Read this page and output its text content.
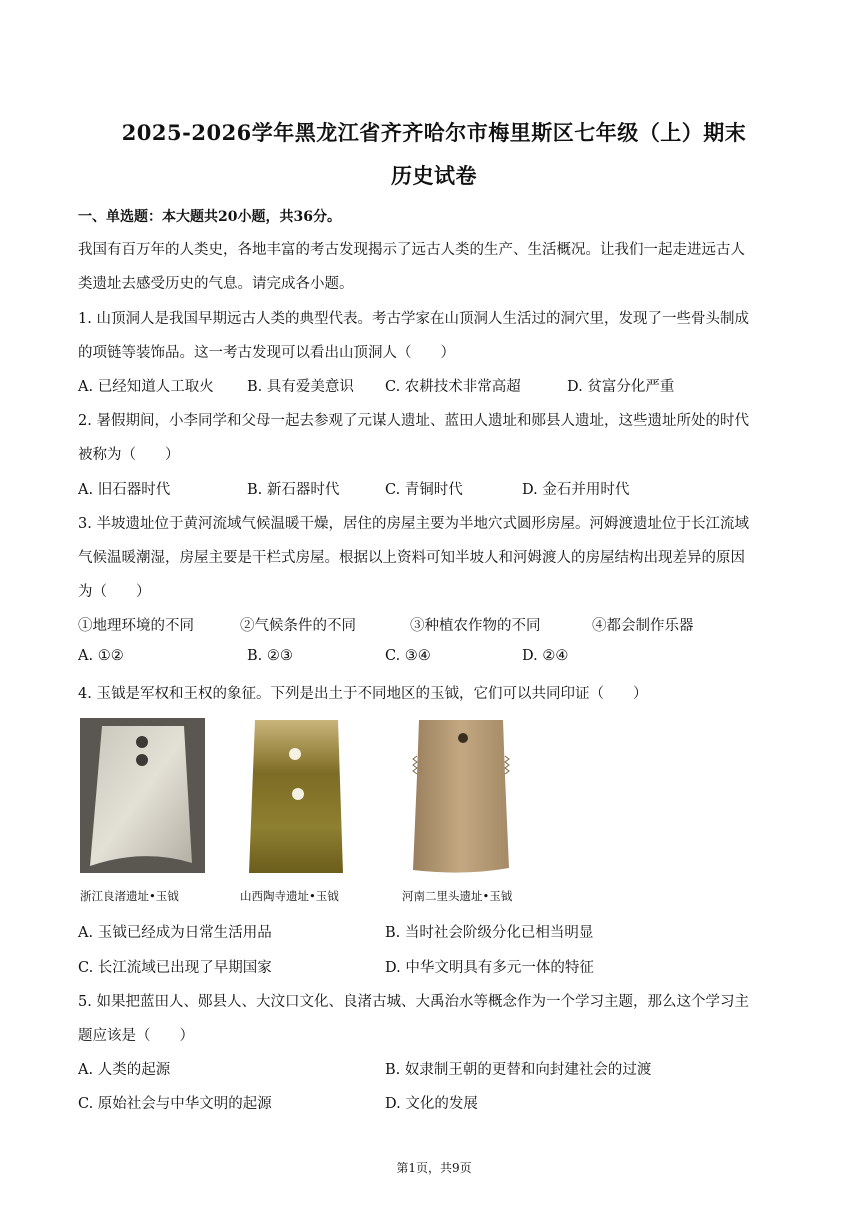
2025-2026学年黑龙江省齐齐哈尔市梅里斯区七年级（上）期末
历史试卷
一、单选题：本大题共20小题，共36分。
我国有百万年的人类史，各地丰富的考古发现揭示了远古人类的生产、生活概况。让我们一起走进远古人
类遗址去感受历史的气息。请完成各小题。
1. 山顶洞人是我国早期远古人类的典型代表。考古学家在山顶洞人生活过的洞穴里，发现了一些骨头制成
的项链等装饰品。这一考古发现可以看出山顶洞人（　　）
A. 已经知道人工取火 B. 具有爱美意识 C. 农耕技术非常高超	D. 贫富分化严重
2. 暑假期间，小李同学和父母一起去参观了元谋人遗址、蓝田人遗址和郧县人遗址，这些遗址所处的时代
被称为（　　）
A. 旧石器时代	B. 新石器时代	C. 青铜时代	D. 金石并用时代
3. 半坡遗址位于黄河流域气候温暖干燥，居住的房屋主要为半地穴式圆形房屋。河姆渡遗址位于长江流域
气候温暖潮湿，房屋主要是干栏式房屋。根据以上资料可知半坡人和河姆渡人的房屋结构出现差异的原因
为（　　）
①地理环境的不同	②气候条件的不同	③种植农作物的不同	④都会制作乐器
A. ①②	B. ②③	C. ③④	D. ②④
4. 玉钺是军权和王权的象征。下列是出土于不同地区的玉钺，它们可以共同印证（　　）
浙江良渚遗址•玉钺	山西陶寺遗址•玉钺	河南二里头遗址•玉钺
A. 玉钺已经成为日常生活用品	B. 当时社会阶级分化已相当明显
C. 长江流域已出现了早期国家	D. 中华文明具有多元一体的特征
5. 如果把蓝田人、郧县人、大汶口文化、良渚古城、大禹治水等概念作为一个学习主题，那么这个学习主
题应该是（　　）
A. 人类的起源	B. 奴隶制王朝的更替和向封建社会的过渡
C. 原始社会与中华文明的起源	D. 文化的发展
第1页，共9页
